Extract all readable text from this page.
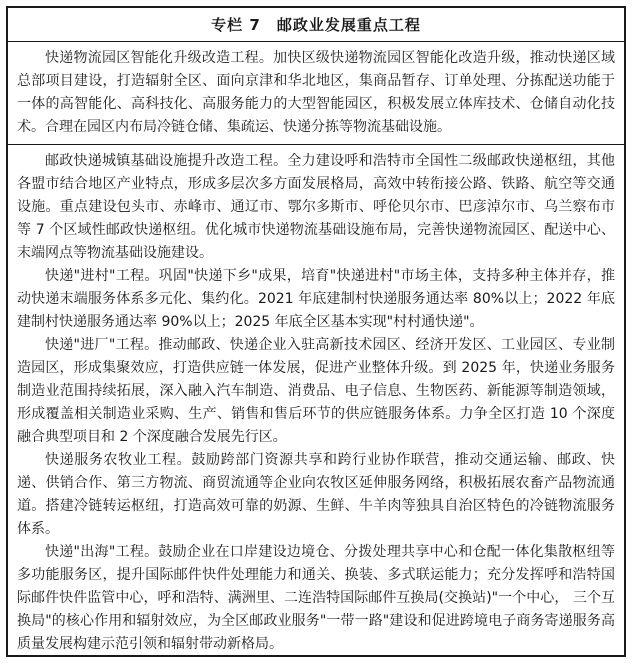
专栏 7　邮政业发展重点工程

快递物流园区智能化升级改造工程。加快区级快递物流园区智能化改造升级，推动快递区域总部项目建设，打造辐射全区、面向京津和华北地区，集商品暂存、订单处理、分拣配送功能于一体的高智能化、高科技化、高服务能力的大型智能园区，积极发展立体库技术、仓储自动化技术。合理在园区内布局冷链仓储、集疏运、快递分拣等物流基础设施。

邮政快递城镇基础设施提升改造工程。全力建设呼和浩特市全国性二级邮政快递枢纽，其他各盟市结合地区产业特点，形成多层次多方面发展格局，高效中转衔接公路、铁路、航空等交通设施。重点建设包头市、赤峰市、通辽市、鄂尔多斯市、呼伦贝尔市、巴彦淖尔市、乌兰察布市等 7 个区域性邮政快递枢纽。优化城市快递物流基础设施布局，完善快递物流园区、配送中心、末端网点等物流基础设施建设。

快递"进村"工程。巩固"快递下乡"成果，培育"快递进村"市场主体，支持多种主体并存，推动快递末端服务体系多元化、集约化。2021 年底建制村快递服务通达率 80%以上；2022 年底建制村快递服务通达率 90%以上；2025 年底全区基本实现"村村通快递"。

快递"进厂"工程。推动邮政、快递企业入驻高新技术园区、经济开发区、工业园区、专业制造园区，形成集聚效应，打造供应链一体发展，促进产业整体升级。到 2025 年，快递业务服务制造业范围持续拓展，深入融入汽车制造、消费品、电子信息、生物医药、新能源等制造领域，形成覆盖相关制造业采购、生产、销售和售后环节的供应链服务体系。力争全区打造 10 个深度融合典型项目和 2 个深度融合发展先行区。

快递服务农牧业工程。鼓励跨部门资源共享和跨行业协作联营，推动交通运输、邮政、快递、供销合作、第三方物流、商贸流通等企业向农牧区延伸服务网络，积极拓展农畜产品物流通道。搭建冷链转运枢纽，打造高效可靠的奶源、生鲜、牛羊肉等独具自治区特色的冷链物流服务体系。

快递"出海"工程。鼓励企业在口岸建设边境仓、分拨处理共享中心和仓配一体化集散枢纽等多功能服务区，提升国际邮件快件处理能力和通关、换装、多式联运能力；充分发挥呼和浩特国际邮件快件监管中心，呼和浩特、满洲里、二连浩特国际邮件互换局(交换站)"一个中心， 三个互换局"的核心作用和辐射效应，为全区邮政业服务"一带一路"建设和促进跨境电子商务寄递服务高质量发展构建示范引领和辐射带动新格局。
